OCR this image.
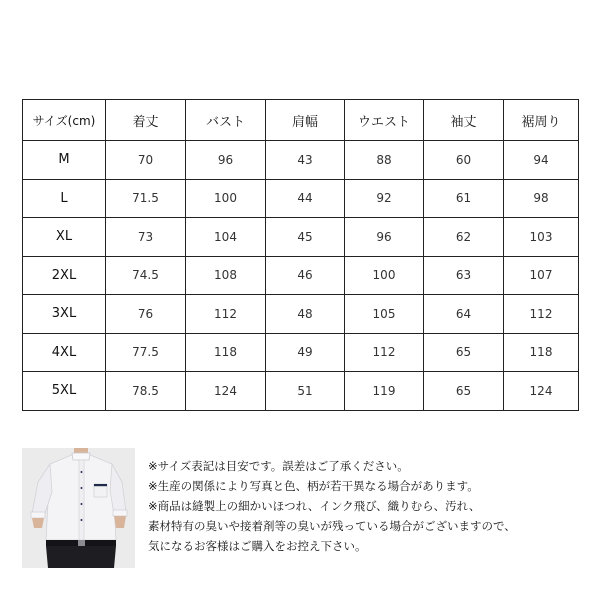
サイズ(cm)	着丈	バスト	肩幅	ウエスト	袖丈	裾周り
M	70	96	43	88	60	94
L	71.5	100	44	92	61	98
XL	73	104	45	96	62	103
2XL	74.5	108	46	100	63	107
3XL	76	112	48	105	64	112
4XL	77.5	118	49	112	65	118
5XL	78.5	124	51	119	65	124
※サイズ表記は目安です。誤差はご了承ください。
※生産の関係により写真と色、柄が若干異なる場合があります。
※商品は縫製上の細かいほつれ、インク飛び、織りむら、汚れ、
素材特有の臭いや接着剤等の臭いが残っている場合がございますので、
気になるお客様はご購入をお控え下さい。
